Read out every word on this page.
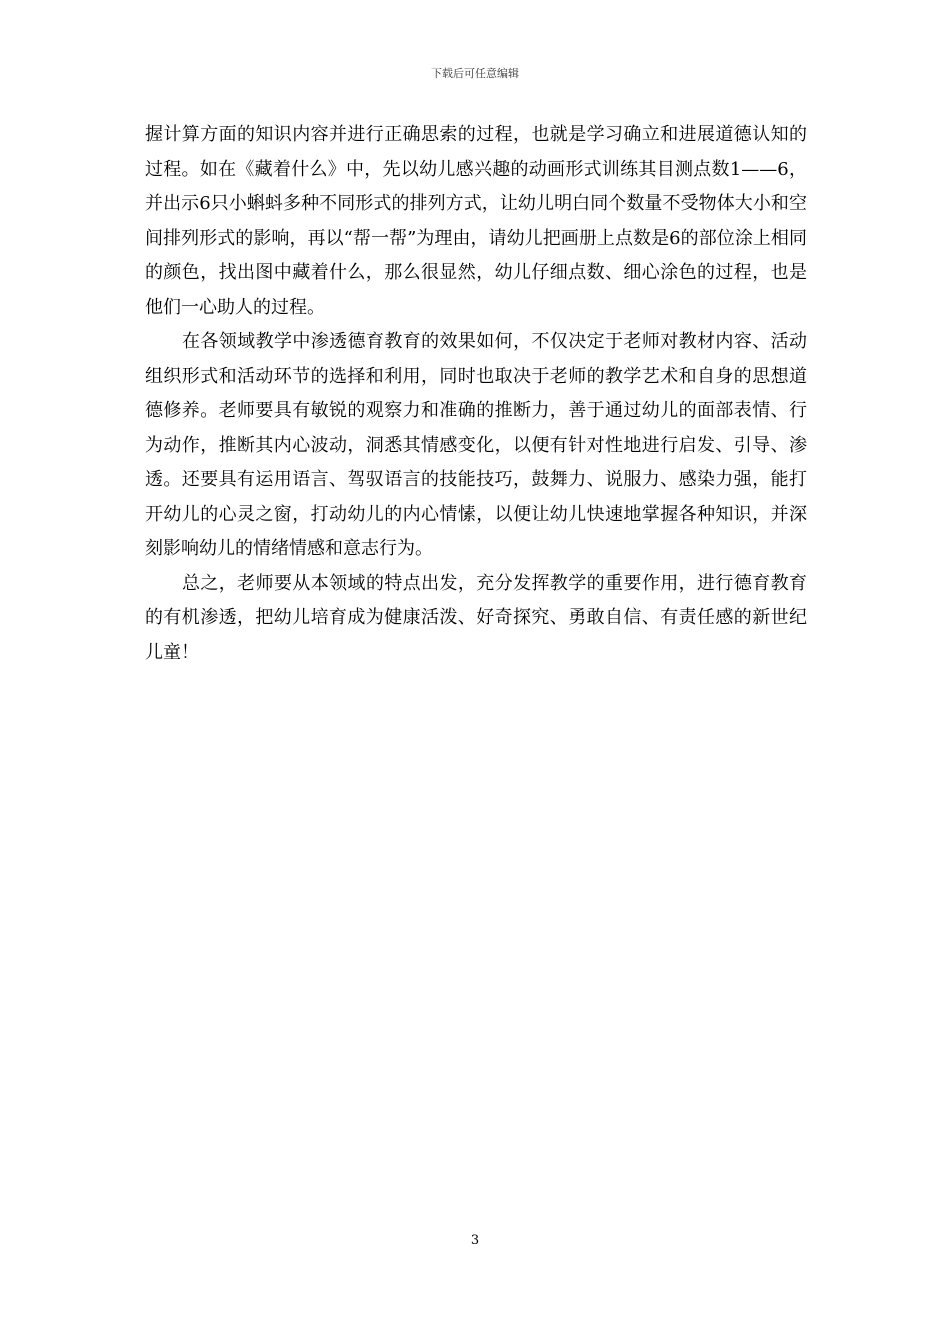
下载后可任意编辑

握计算方面的知识内容并进行正确思索的过程，也就是学习确立和进展道德认知的过程。如在《藏着什么》中，先以幼儿感兴趣的动画形式训练其目测点数1——6，并出示6只小蝌蚪多种不同形式的排列方式，让幼儿明白同个数量不受物体大小和空间排列形式的影响，再以“帮一帮”为理由，请幼儿把画册上点数是6的部位涂上相同的颜色，找出图中藏着什么，那么很显然，幼儿仔细点数、细心涂色的过程，也是他们一心助人的过程。

在各领域教学中渗透德育教育的效果如何，不仅决定于老师对教材内容、活动组织形式和活动环节的选择和利用，同时也取决于老师的教学艺术和自身的思想道德修养。老师要具有敏锐的观察力和准确的推断力，善于通过幼儿的面部表情、行为动作，推断其内心波动，洞悉其情感变化，以便有针对性地进行启发、引导、渗透。还要具有运用语言、驾驭语言的技能技巧，鼓舞力、说服力、感染力强，能打开幼儿的心灵之窗，打动幼儿的内心情愫，以便让幼儿快速地掌握各种知识，并深刻影响幼儿的情绪情感和意志行为。

总之，老师要从本领域的特点出发，充分发挥教学的重要作用，进行德育教育的有机渗透，把幼儿培育成为健康活泼、好奇探究、勇敢自信、有责任感的新世纪儿童！

3
